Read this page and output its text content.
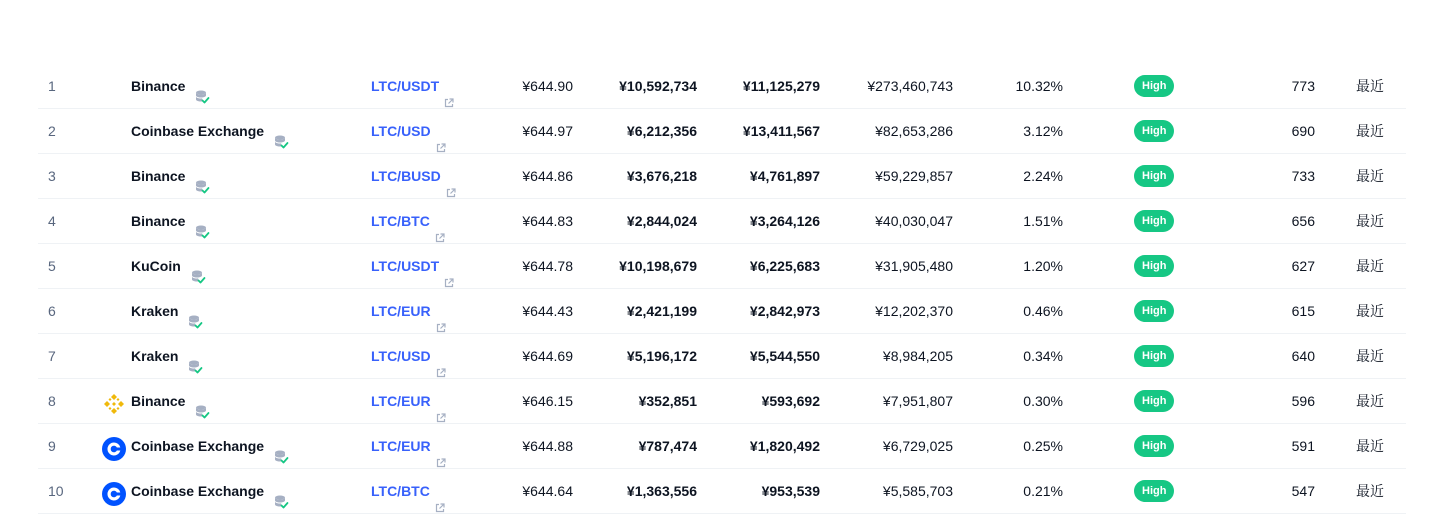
1	Binance	LTC/USDT	¥644.90	¥10,592,734	¥11,125,279	¥273,460,743	10.32%	High	773	最近
2	Coinbase Exchange	LTC/USD	¥644.97	¥6,212,356	¥13,411,567	¥82,653,286	3.12%	High	690	最近
3	Binance	LTC/BUSD	¥644.86	¥3,676,218	¥4,761,897	¥59,229,857	2.24%	High	733	最近
4	Binance	LTC/BTC	¥644.83	¥2,844,024	¥3,264,126	¥40,030,047	1.51%	High	656	最近
5	KuCoin	LTC/USDT	¥644.78	¥10,198,679	¥6,225,683	¥31,905,480	1.20%	High	627	最近
6	Kraken	LTC/EUR	¥644.43	¥2,421,199	¥2,842,973	¥12,202,370	0.46%	High	615	最近
7	Kraken	LTC/USD	¥644.69	¥5,196,172	¥5,544,550	¥8,984,205	0.34%	High	640	最近
8	Binance	LTC/EUR	¥646.15	¥352,851	¥593,692	¥7,951,807	0.30%	High	596	最近
9	Coinbase Exchange	LTC/EUR	¥644.88	¥787,474	¥1,820,492	¥6,729,025	0.25%	High	591	最近
10	Coinbase Exchange	LTC/BTC	¥644.64	¥1,363,556	¥953,539	¥5,585,703	0.21%	High	547	最近
